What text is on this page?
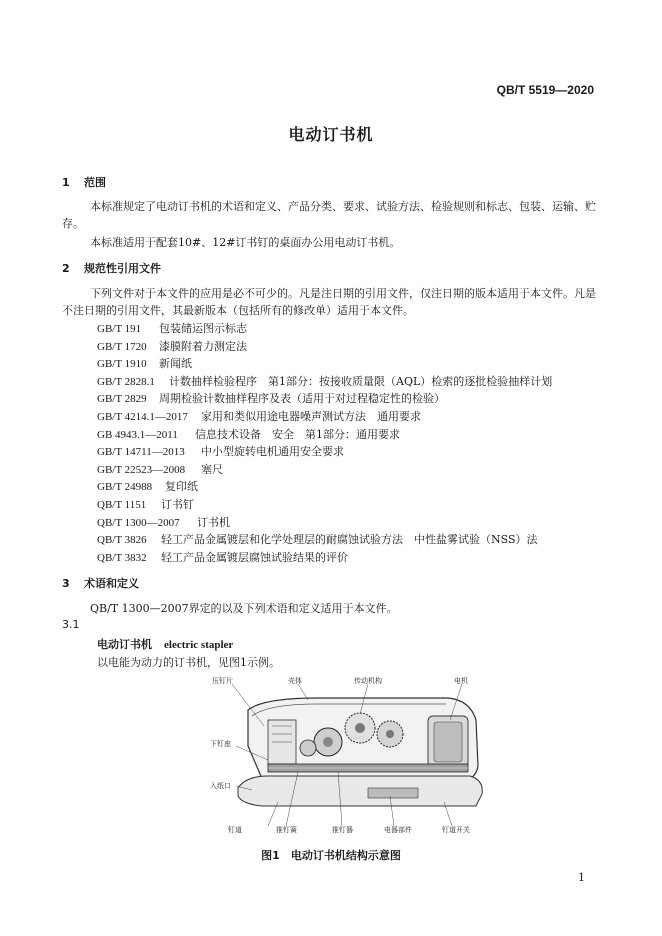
QB/T 5519—2020
电动订书机
1 范围
本标准规定了电动订书机的术语和定义、产品分类、要求、试验方法、检验规则和标志、包装、运输、贮存。
本标准适用于配套10#、12#订书钉的桌面办公用电动订书机。
2 规范性引用文件
下列文件对于本文件的应用是必不可少的。凡是注日期的引用文件，仅注日期的版本适用于本文件。凡是不注日期的引用文件，其最新版本（包括所有的修改单）适用于本文件。
GB/T 191 包装储运图示标志
GB/T 1720 漆膜附着力测定法
GB/T 1910 新闻纸
GB/T 2828.1 计数抽样检验程序　第1部分：按接收质量限（AQL）检索的逐批检验抽样计划
GB/T 2829 周期检验计数抽样程序及表（适用于对过程稳定性的检验）
GB/T 4214.1—2017 家用和类似用途电器噪声测试方法　通用要求
GB 4943.1—2011 信息技术设备　安全　第1部分：通用要求
GB/T 14711—2013 中小型旋转电机通用安全要求
GB/T 22523—2008 塞尺
GB/T 24988 复印纸
QB/T 1151 订书钉
QB/T 1300—2007 订书机
QB/T 3826 轻工产品金属镀层和化学处理层的耐腐蚀试验方法　中性盐雾试验（NSS）法
QB/T 3832 轻工产品金属镀层腐蚀试验结果的评价
3 术语和定义
QB/T 1300—2007界定的以及下列术语和定义适用于本文件。
3.1
电动订书机 electric stapler
以电能为动力的订书机，见图1示例。
压钉片	壳体	传动机构	电机
下钉座
入纸口
钉道	推钉簧	推钉器	电器部件	钉道开关
图1　电动订书机结构示意图
1
